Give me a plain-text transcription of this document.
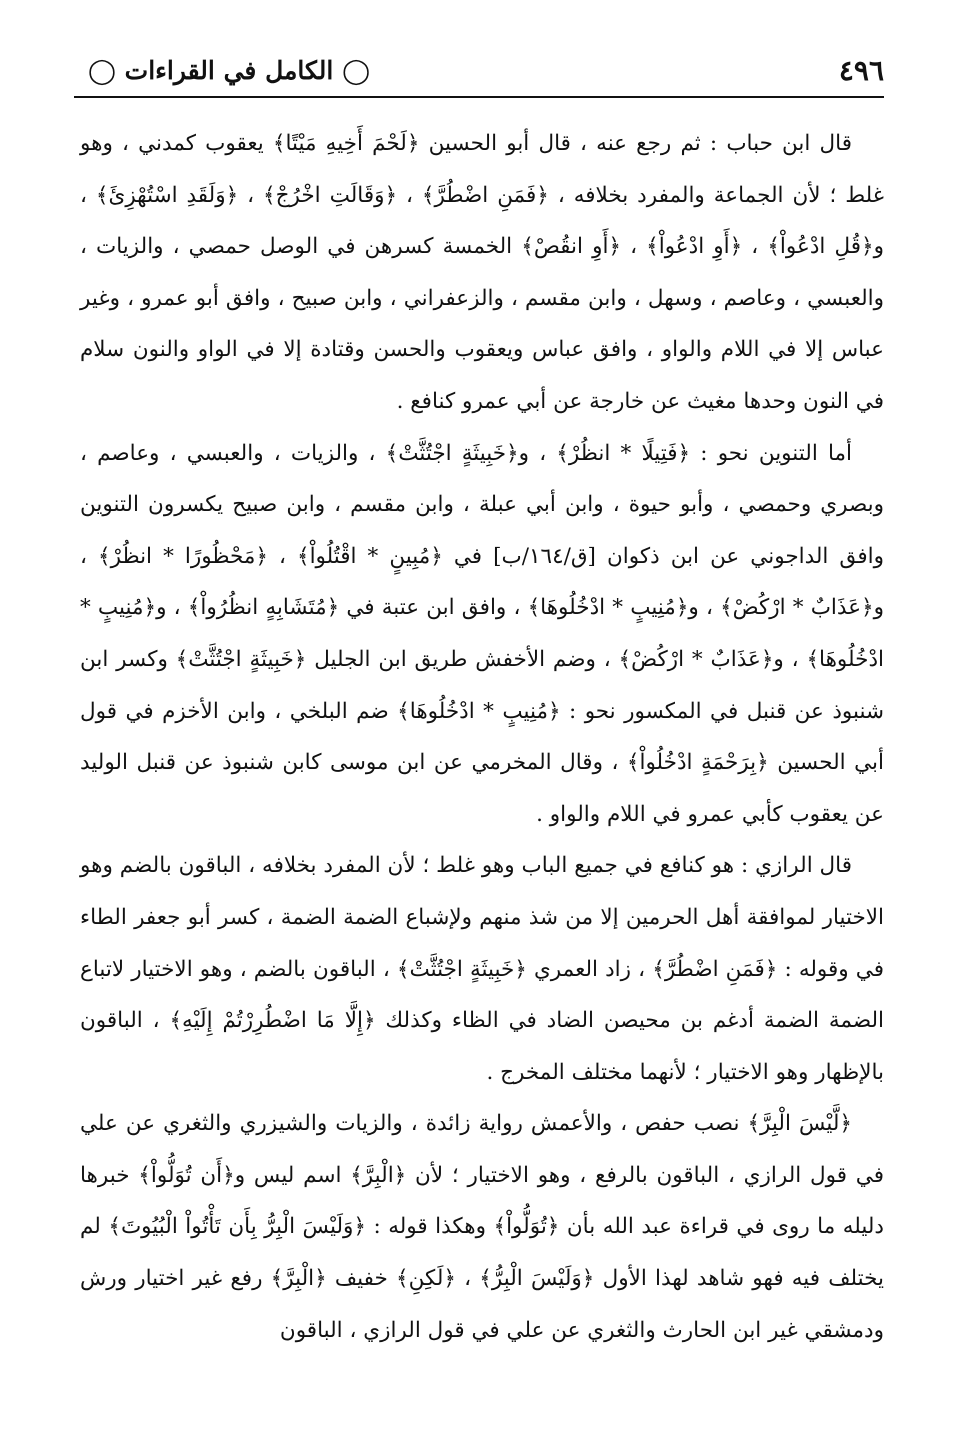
٤٩٦
◯ الكامل في القراءات ◯

قال ابن حباب : ثم رجع عنه ، قال أبو الحسين ﴿لَحْمَ أَخِيهِ مَيْتًا﴾ يعقوب كمدني ، وهو غلط ؛ لأن الجماعة والمفرد بخلافه ، ﴿فَمَنِ اضْطُرَّ﴾ ، ﴿وَقَالَتِ اخْرُجْ﴾ ، ﴿وَلَقَدِ اسْتُهْزِئَ﴾ ، و﴿قُلِ ادْعُواْ﴾ ، ﴿أَوِ ادْعُواْ﴾ ، ﴿أَوِ انقُصْ﴾ الخمسة كسرهن في الوصل حمصي ، والزيات ، والعبسي ، وعاصم ، وسهل ، وابن مقسم ، والزعفراني ، وابن صبيح ، وافق أبو عمرو ، وغير عباس إلا في اللام والواو ، وافق عباس ويعقوب والحسن وقتادة إلا في الواو والنون سلام في النون وحدها مغيث عن خارجة عن أبي عمرو كنافع .

أما التنوين نحو : ﴿فَتِيلًا * انظُرْ﴾ ، و﴿خَبِيثَةٍ اجْتُثَّتْ﴾ ، والزيات ، والعبسي ، وعاصم ، وبصري وحمصي ، وأبو حيوة ، وابن أبي عبلة ، وابن مقسم ، وابن صبيح يكسرون التنوين وافق الداجوني عن ابن ذكوان [ق/١٦٤/ب] في ﴿مُبِينٍ * اقْتُلُواْ﴾ ، ﴿مَحْظُورًا * انظُرْ﴾ ، و﴿عَذَابٌ * ارْكُضْ﴾ ، و﴿مُنِيبٍ * ادْخُلُوهَا﴾ ، وافق ابن عتبة في ﴿مُتَشَابِهٍ انظُرُواْ﴾ ، و﴿مُنِيبٍ * ادْخُلُوهَا﴾ ، و﴿عَذَابٌ * ارْكُضْ﴾ ، وضم الأخفش طريق ابن الجليل ﴿خَبِيثَةٍ اجْتُثَّتْ﴾ وكسر ابن شنبوذ عن قنبل في المكسور نحو : ﴿مُنِيبٍ * ادْخُلُوهَا﴾ ضم البلخي ، وابن الأخزم في قول أبي الحسين ﴿بِرَحْمَةٍ ادْخُلُواْ﴾ ، وقال المخرمي عن ابن موسى كابن شنبوذ عن قنبل الوليد عن يعقوب كأبي عمرو في اللام والواو .

قال الرازي : هو كنافع في جميع الباب وهو غلط ؛ لأن المفرد بخلافه ، الباقون بالضم وهو الاختيار لموافقة أهل الحرمين إلا من شذ منهم ولإشباع الضمة الضمة ، كسر أبو جعفر الطاء في وقوله : ﴿فَمَنِ اضْطُرَّ﴾ ، زاد العمري ﴿خَبِيثَةٍ اجْتُثَّتْ﴾ ، الباقون بالضم ، وهو الاختيار لاتباع الضمة الضمة أدغم بن محيصن الضاد في الظاء وكذلك ﴿إِلَّا مَا اضْطُرِرْتُمْ إِلَيْهِ﴾ ، الباقون بالإظهار وهو الاختيار ؛ لأنهما مختلف المخرج .

﴿لَّيْسَ الْبِرَّ﴾ نصب حفص ، والأعمش رواية زائدة ، والزيات والشيزري والثغري عن علي في قول الرازي ، الباقون بالرفع ، وهو الاختيار ؛ لأن ﴿الْبِرَّ﴾ اسم ليس و﴿أَن تُوَلُّواْ﴾ خبرها دليله ما روى في قراءة عبد الله بأن ﴿تُوَلُّواْ﴾ وهكذا قوله : ﴿وَلَيْسَ الْبِرُّ بِأَن تَأْتُواْ الْبُيُوتَ﴾ لم يختلف فيه فهو شاهد لهذا الأول ﴿وَلَيْسَ الْبِرُّ﴾ ، ﴿لَكِنِ﴾ خفيف ﴿الْبِرَّ﴾ رفع غير اختيار ورش ودمشقي غير ابن الحارث والثغري عن علي في قول الرازي ، الباقون
